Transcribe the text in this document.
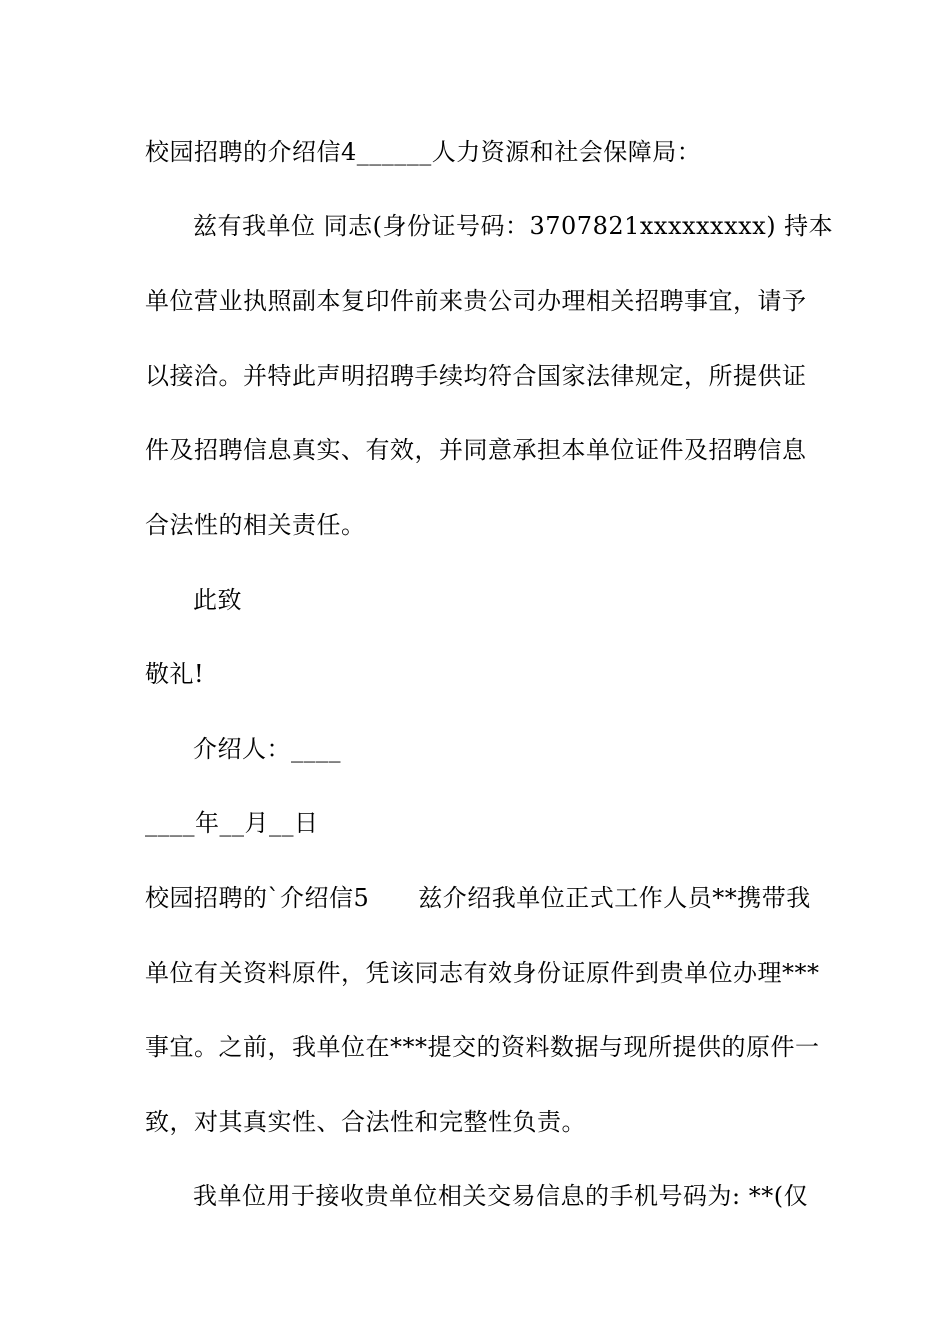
校园招聘的介绍信4______人力资源和社会保障局：
兹有我单位 同志(身份证号码：3707821xxxxxxxxx) 持本
单位营业执照副本复印件前来贵公司办理相关招聘事宜，请予
以接洽。并特此声明招聘手续均符合国家法律规定，所提供证
件及招聘信息真实、有效，并同意承担本单位证件及招聘信息
合法性的相关责任。
此致
敬礼!
介绍人：____
____年__月__日
校园招聘的`介绍信5　　兹介绍我单位正式工作人员**携带我
单位有关资料原件，凭该同志有效身份证原件到贵单位办理***
事宜。之前，我单位在***提交的资料数据与现所提供的原件一
致，对其真实性、合法性和完整性负责。
我单位用于接收贵单位相关交易信息的手机号码为: **(仅
